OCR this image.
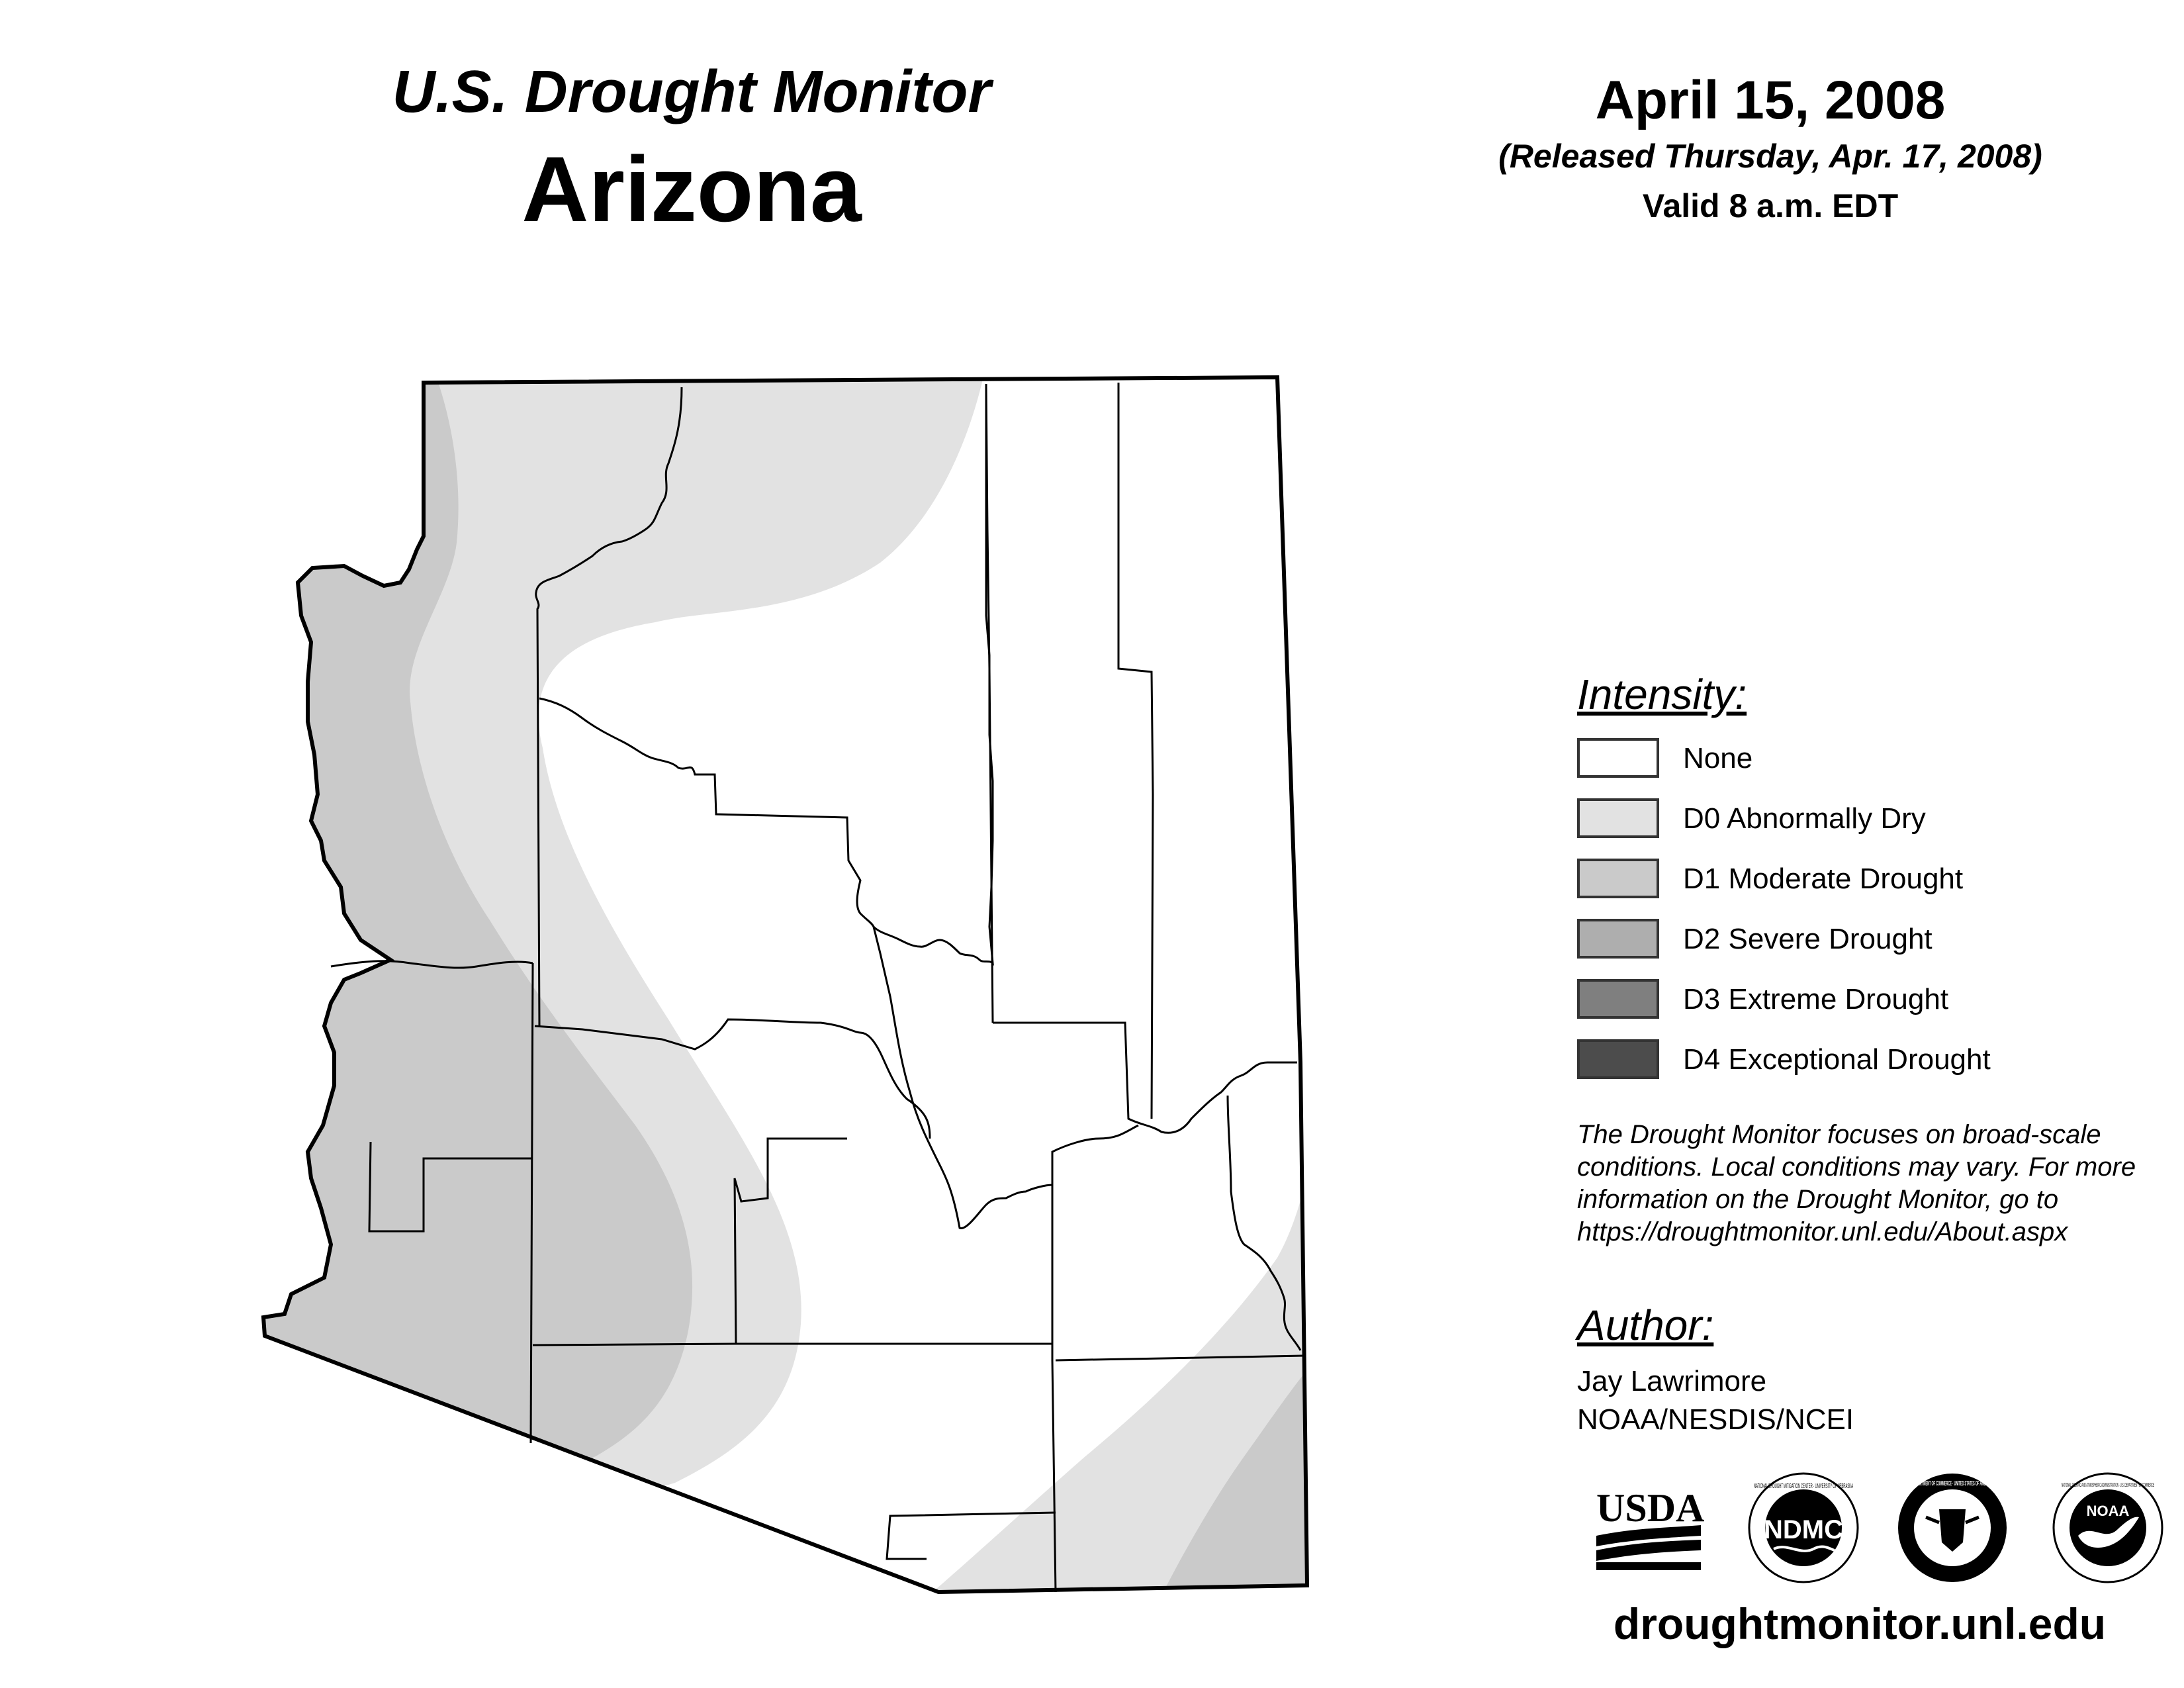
U.S. Drought Monitor
Arizona
April 15, 2008
(Released Thursday, Apr. 17, 2008)
Valid 8 a.m. EDT
Intensity:
None
D0 Abnormally Dry
D1 Moderate Drought
D2 Severe Drought
D3 Extreme Drought
D4 Exceptional Drought
The Drought Monitor focuses on broad-scale
conditions. Local conditions may vary. For more
information on the Drought Monitor, go to
https://droughtmonitor.unl.edu/About.aspx
Author:
Jay Lawrimore
NOAA/NESDIS/NCEI
USDA NDMC
NATIONAL DROUGHT MITIGATION CENTER · UNIVERSITY OF NEBRASKA	DEPARTMENT OF COMMERCE · UNITED STATES OF AMERICA
NOAA
NATIONAL OCEANIC AND ATMOSPHERIC ADMINISTRATION · U.S. DEPARTMENT OF COMMERCE
droughtmonitor.unl.edu
